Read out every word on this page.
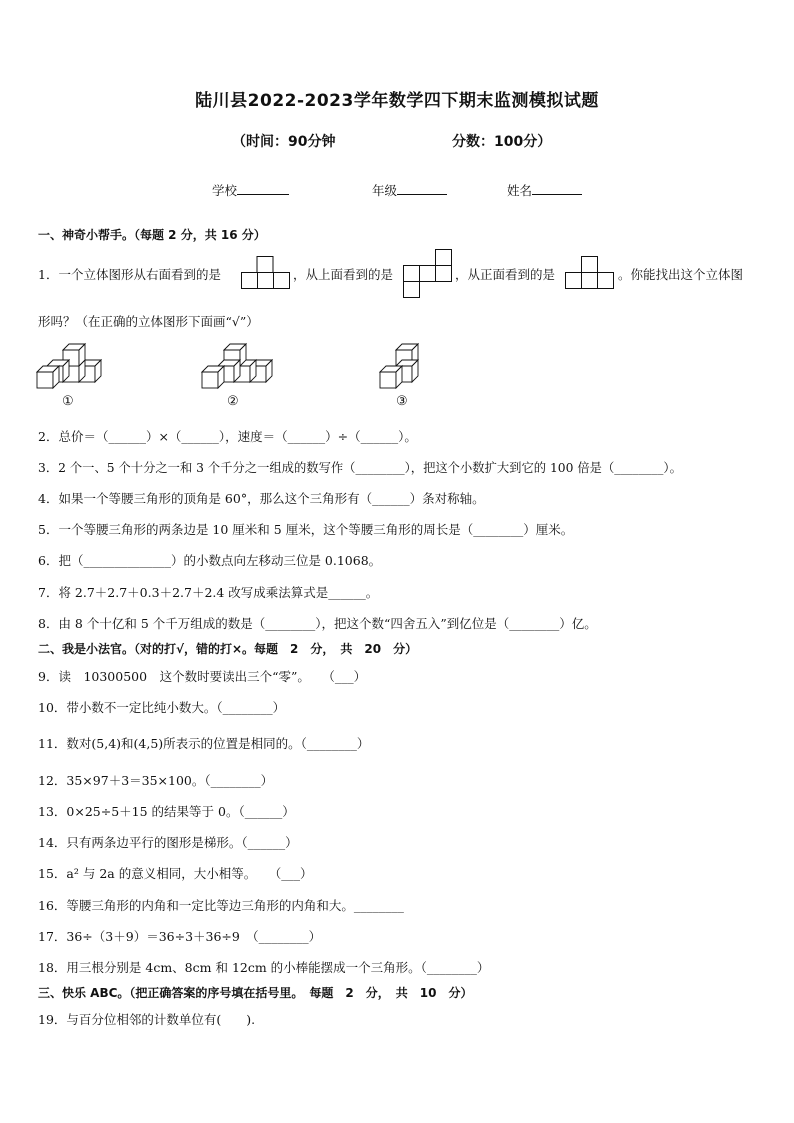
陆川县2022-2023学年数学四下期末监测模拟试题
（时间：90分钟	分数：100分）
学校	年级	姓名
一、神奇小帮手。（每题 2 分，共 16 分）
1．一个立体图形从右面看到的是	，从上面看到的是	，从正面看到的是	。你能找出这个立体图
形吗？（在正确的立体图形下面画“√”）
①	②	③
2．总价＝（______）×（______），速度＝（______）÷（______）。
3．2 个一、5 个十分之一和 3 个千分之一组成的数写作（________），把这个小数扩大到它的 100 倍是（________）。
4．如果一个等腰三角形的顶角是 60°，那么这个三角形有（______）条对称轴。
5．一个等腰三角形的两条边是 10 厘米和 5 厘米，这个等腰三角形的周长是（________）厘米。
6．把（______________）的小数点向左移动三位是 0.1068。
7．将 2.7＋2.7＋0.3＋2.7＋2.4 改写成乘法算式是______。
8．由 8 个十亿和 5 个千万组成的数是（________），把这个数“四舍五入”到亿位是（________）亿。
二、我是小法官。（对的打√，错的打×。每题　2　分，　共　20　分）
9．读　10300500　这个数时要读出三个“零”。　　（___）
10．带小数不一定比纯小数大。（________）
11．数对(5,4)和(4,5)所表示的位置是相同的。（________）
12．35×97＋3＝35×100。（________）
13．0×25÷5＋15 的结果等于 0。（______）
14．只有两条边平行的图形是梯形。（______）
15．a² 与 2a 的意义相同，大小相等。　　（___）
16．等腰三角形的内角和一定比等边三角形的内角和大。________
17．36÷（3＋9）＝36÷3＋36÷9　（________）
18．用三根分别是 4cm、8cm 和 12cm 的小棒能摆成一个三角形。（________）
三、快乐 ABC。（把正确答案的序号填在括号里。　每题　2　分，　共　10　分）
19．与百分位相邻的计数单位有(　　).
